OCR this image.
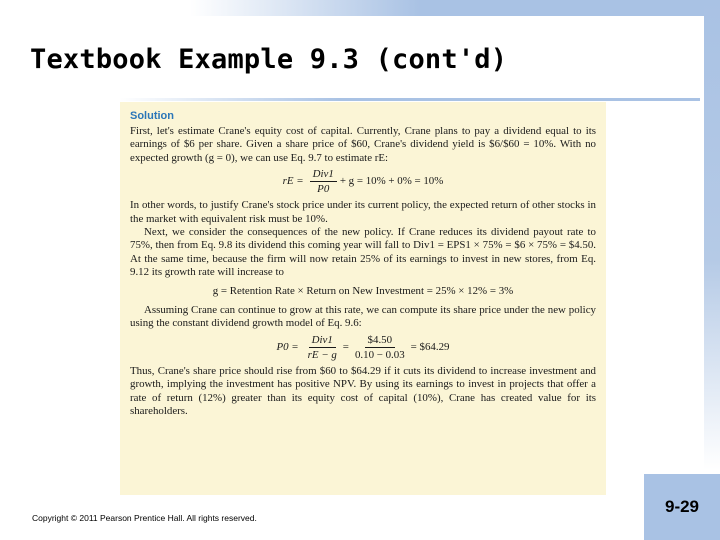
Textbook Example 9.3 (cont'd)
Solution

First, let's estimate Crane's equity cost of capital. Currently, Crane plans to pay a dividend equal to its earnings of $6 per share. Given a share price of $60, Crane's dividend yield is $6/$60 = 10%. With no expected growth (g = 0), we can use Eq. 9.7 to estimate rE:

rE = $\frac{\text{Div1}}{P0} + g = 10\% + 0\% = 10\%$

In other words, to justify Crane's stock price under its current policy, the expected return of other stocks in the market with equivalent risk must be 10%.

Next, we consider the consequences of the new policy. If Crane reduces its dividend payout rate to 75%, then from Eq. 9.8 its dividend this coming year will fall to Div1 = EPS1 × 75% = $6 × 75% = $4.50. At the same time, because the firm will now retain 25% of its earnings to invest in new stores, from Eq. 9.12 its growth rate will increase to

g = Retention Rate × Return on New Investment = 25% × 12% = 3%

Assuming Crane can continue to grow at this rate, we can compute its share price under the new policy using the constant dividend growth model of Eq. 9.6:

$P0 = \frac{\text{Div1}}{rE - g} = \frac{\$4.50}{0.10 - 0.03}$ = $64.29

Thus, Crane's share price should rise from $60 to $64.29 if it cuts its dividend to increase investment and growth, implying the investment has positive NPV. By using its earnings to invest in projects that offer a rate of return (12%) greater than its equity cost of capital (10%), Crane has created value for its shareholders.

Copyright © 2011 Pearson Prentice Hall. All rights reserved.
9-29
